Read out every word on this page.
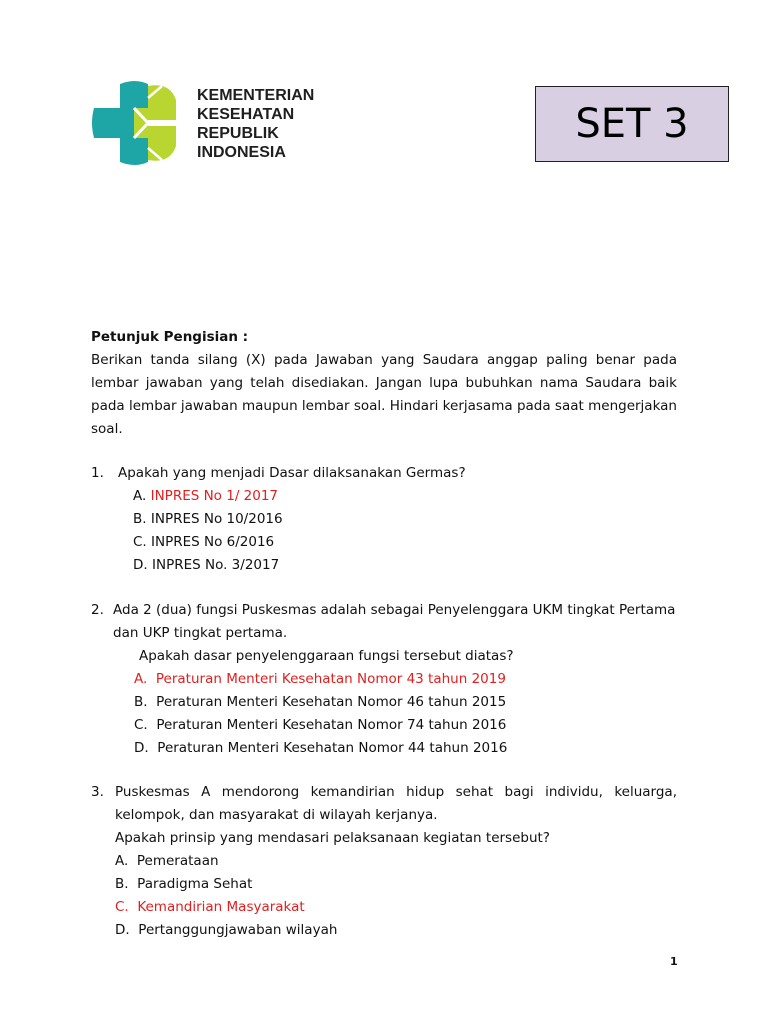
KEMENTERIAN
KESEHATAN
REPUBLIK
INDONESIA
SET 3
Petunjuk Pengisian :
Berikan tanda silang (X) pada Jawaban yang Saudara anggap paling benar pada lembar jawaban yang telah disediakan. Jangan lupa bubuhkan nama Saudara baik pada lembar jawaban maupun lembar soal. Hindari kerjasama pada saat mengerjakan soal.
1. Apakah yang menjadi Dasar dilaksanakan Germas?
A. INPRES No 1/ 2017
B. INPRES No 10/2016
C. INPRES No 6/2016
D. INPRES No. 3/2017
2. Ada 2 (dua) fungsi Puskesmas adalah sebagai Penyelenggara UKM tingkat Pertama
dan UKP tingkat pertama.
Apakah dasar penyelenggaraan fungsi tersebut diatas?
A. Peraturan Menteri Kesehatan Nomor 43 tahun 2019
B. Peraturan Menteri Kesehatan Nomor 46 tahun 2015
C. Peraturan Menteri Kesehatan Nomor 74 tahun 2016
D. Peraturan Menteri Kesehatan Nomor 44 tahun 2016
3. Puskesmas A mendorong kemandirian hidup sehat bagi individu, keluarga, kelompok, dan masyarakat di wilayah kerjanya.
Apakah prinsip yang mendasari pelaksanaan kegiatan tersebut?
A. Pemerataan
B. Paradigma Sehat
C. Kemandirian Masyarakat
D. Pertanggungjawaban wilayah
1
